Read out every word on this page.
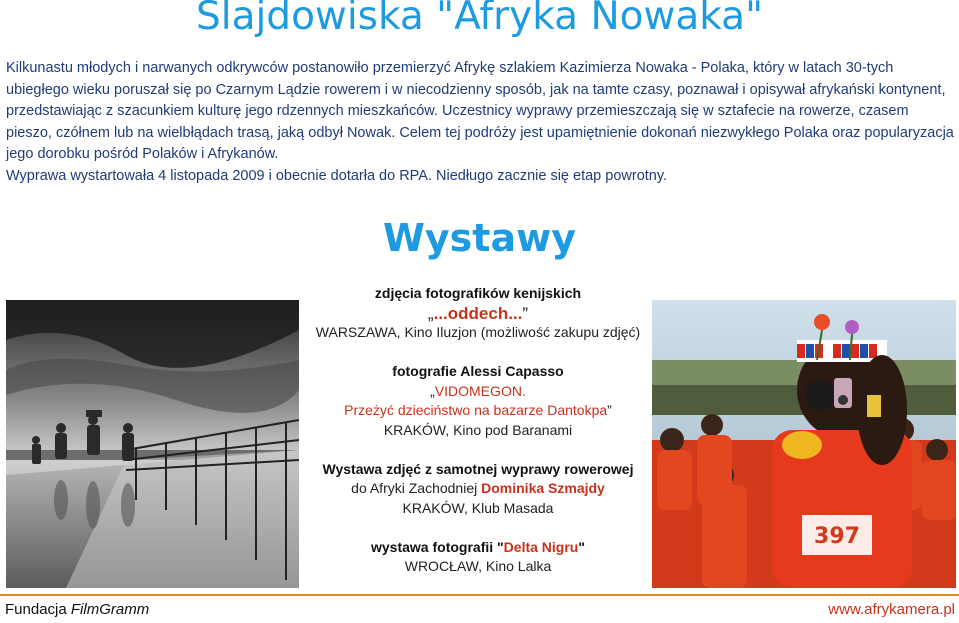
Slajdowiska "Afryka Nowaka"

Kilkunastu młodych i narwanych odkrywców postanowiło przemierzyć Afrykę szlakiem Kazimierza Nowaka - Polaka, który w latach 30-tych ubiegłego wieku poruszał się po Czarnym Lądzie rowerem i w niecodzienny sposób, jak na tamte czasy, poznawał i opisywał afrykański kontynent, przedstawiając z szacunkiem kulturę jego rdzennych mieszkańców. Uczestnicy wyprawy przemieszczają się w sztafecie na rowerze, czasem pieszo, czółnem lub na wielbłądach trasą, jaką odbył Nowak. Celem tej podróży jest upamiętnienie dokonań niezwykłego Polaka oraz popularyzacja jego dorobku pośród Polaków i Afrykanów.

Wyprawa wystartowała 4 listopada 2009 i obecnie dotarła do RPA. Niedługo zacznie się etap powrotny.

Wystawy
zdjęcia fotografików kenijskich
„...oddech...”
WARSZAWA, Kino Iluzjon (możliwość zakupu zdjęć)
fotografie Alessi Capasso
„VIDOMEGON.
Przeżyć dzieciństwo na bazarze Dantokpa”
KRAKÓW, Kino pod Baranami
Wystawa zdjęć z samotnej wyprawy rowerowej
do Afryki Zachodniej Dominika Szmajdy
KRAKÓW, Klub Masada
wystawa fotografii "Delta Nigru"
WROCŁAW, Kino Lalka
397
Fundacja FilmGramm	www.afrykamera.pl
